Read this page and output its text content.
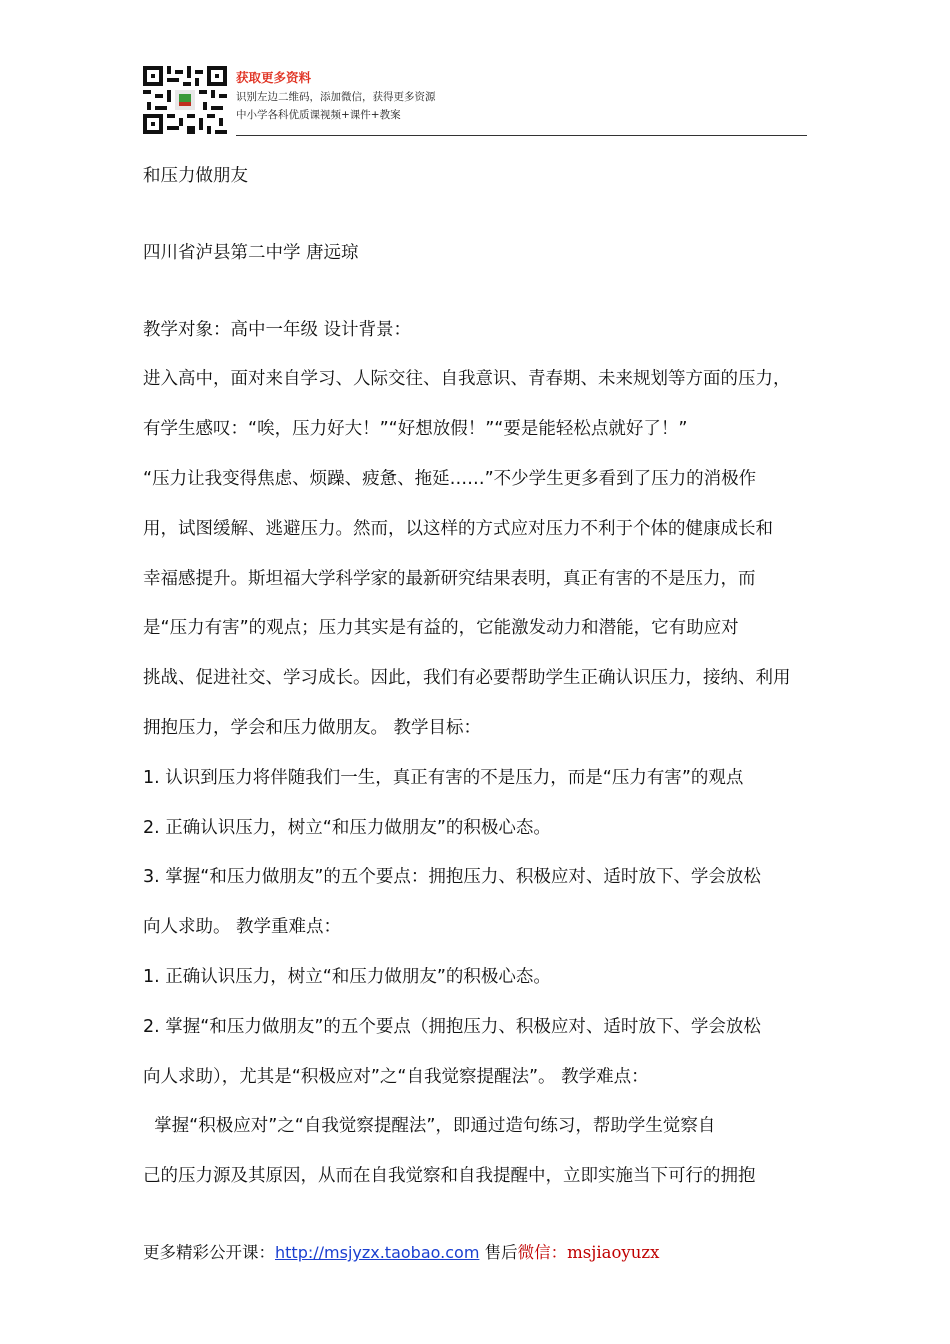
获取更多资料
识别左边二维码，添加微信，获得更多资源
中小学各科优质课视频+课件+教案

和压力做朋友

四川省泸县第二中学 唐远琼

教学对象：高中一年级 设计背景：

进入高中，面对来自学习、人际交往、自我意识、青春期、未来规划等方面的压力，

有学生感叹：“唉，压力好大！”“好想放假！”“要是能轻松点就好了！”

“压力让我变得焦虑、烦躁、疲惫、拖延……”不少学生更多看到了压力的消极作

用，试图缓解、逃避压力。然而，以这样的方式应对压力不利于个体的健康成长和

幸福感提升。斯坦福大学科学家的最新研究结果表明，真正有害的不是压力，而

是“压力有害”的观点；压力其实是有益的，它能激发动力和潜能，它有助应对

挑战、促进社交、学习成长。因此，我们有必要帮助学生正确认识压力，接纳、利用

拥抱压力，学会和压力做朋友。 教学目标：

1. 认识到压力将伴随我们一生，真正有害的不是压力，而是“压力有害”的观点

2. 正确认识压力，树立“和压力做朋友”的积极心态。

3. 掌握“和压力做朋友”的五个要点：拥抱压力、积极应对、适时放下、学会放松

向人求助。 教学重难点：

1. 正确认识压力，树立“和压力做朋友”的积极心态。

2. 掌握“和压力做朋友”的五个要点（拥抱压力、积极应对、适时放下、学会放松

向人求助），尤其是“积极应对”之“自我觉察提醒法”。 教学难点：

掌握“积极应对”之“自我觉察提醒法”，即通过造句练习，帮助学生觉察自

己的压力源及其原因，从而在自我觉察和自我提醒中，立即实施当下可行的拥抱

更多精彩公开课：http://msjyzx.taobao.com 售后微信：msjiaoyuzx
